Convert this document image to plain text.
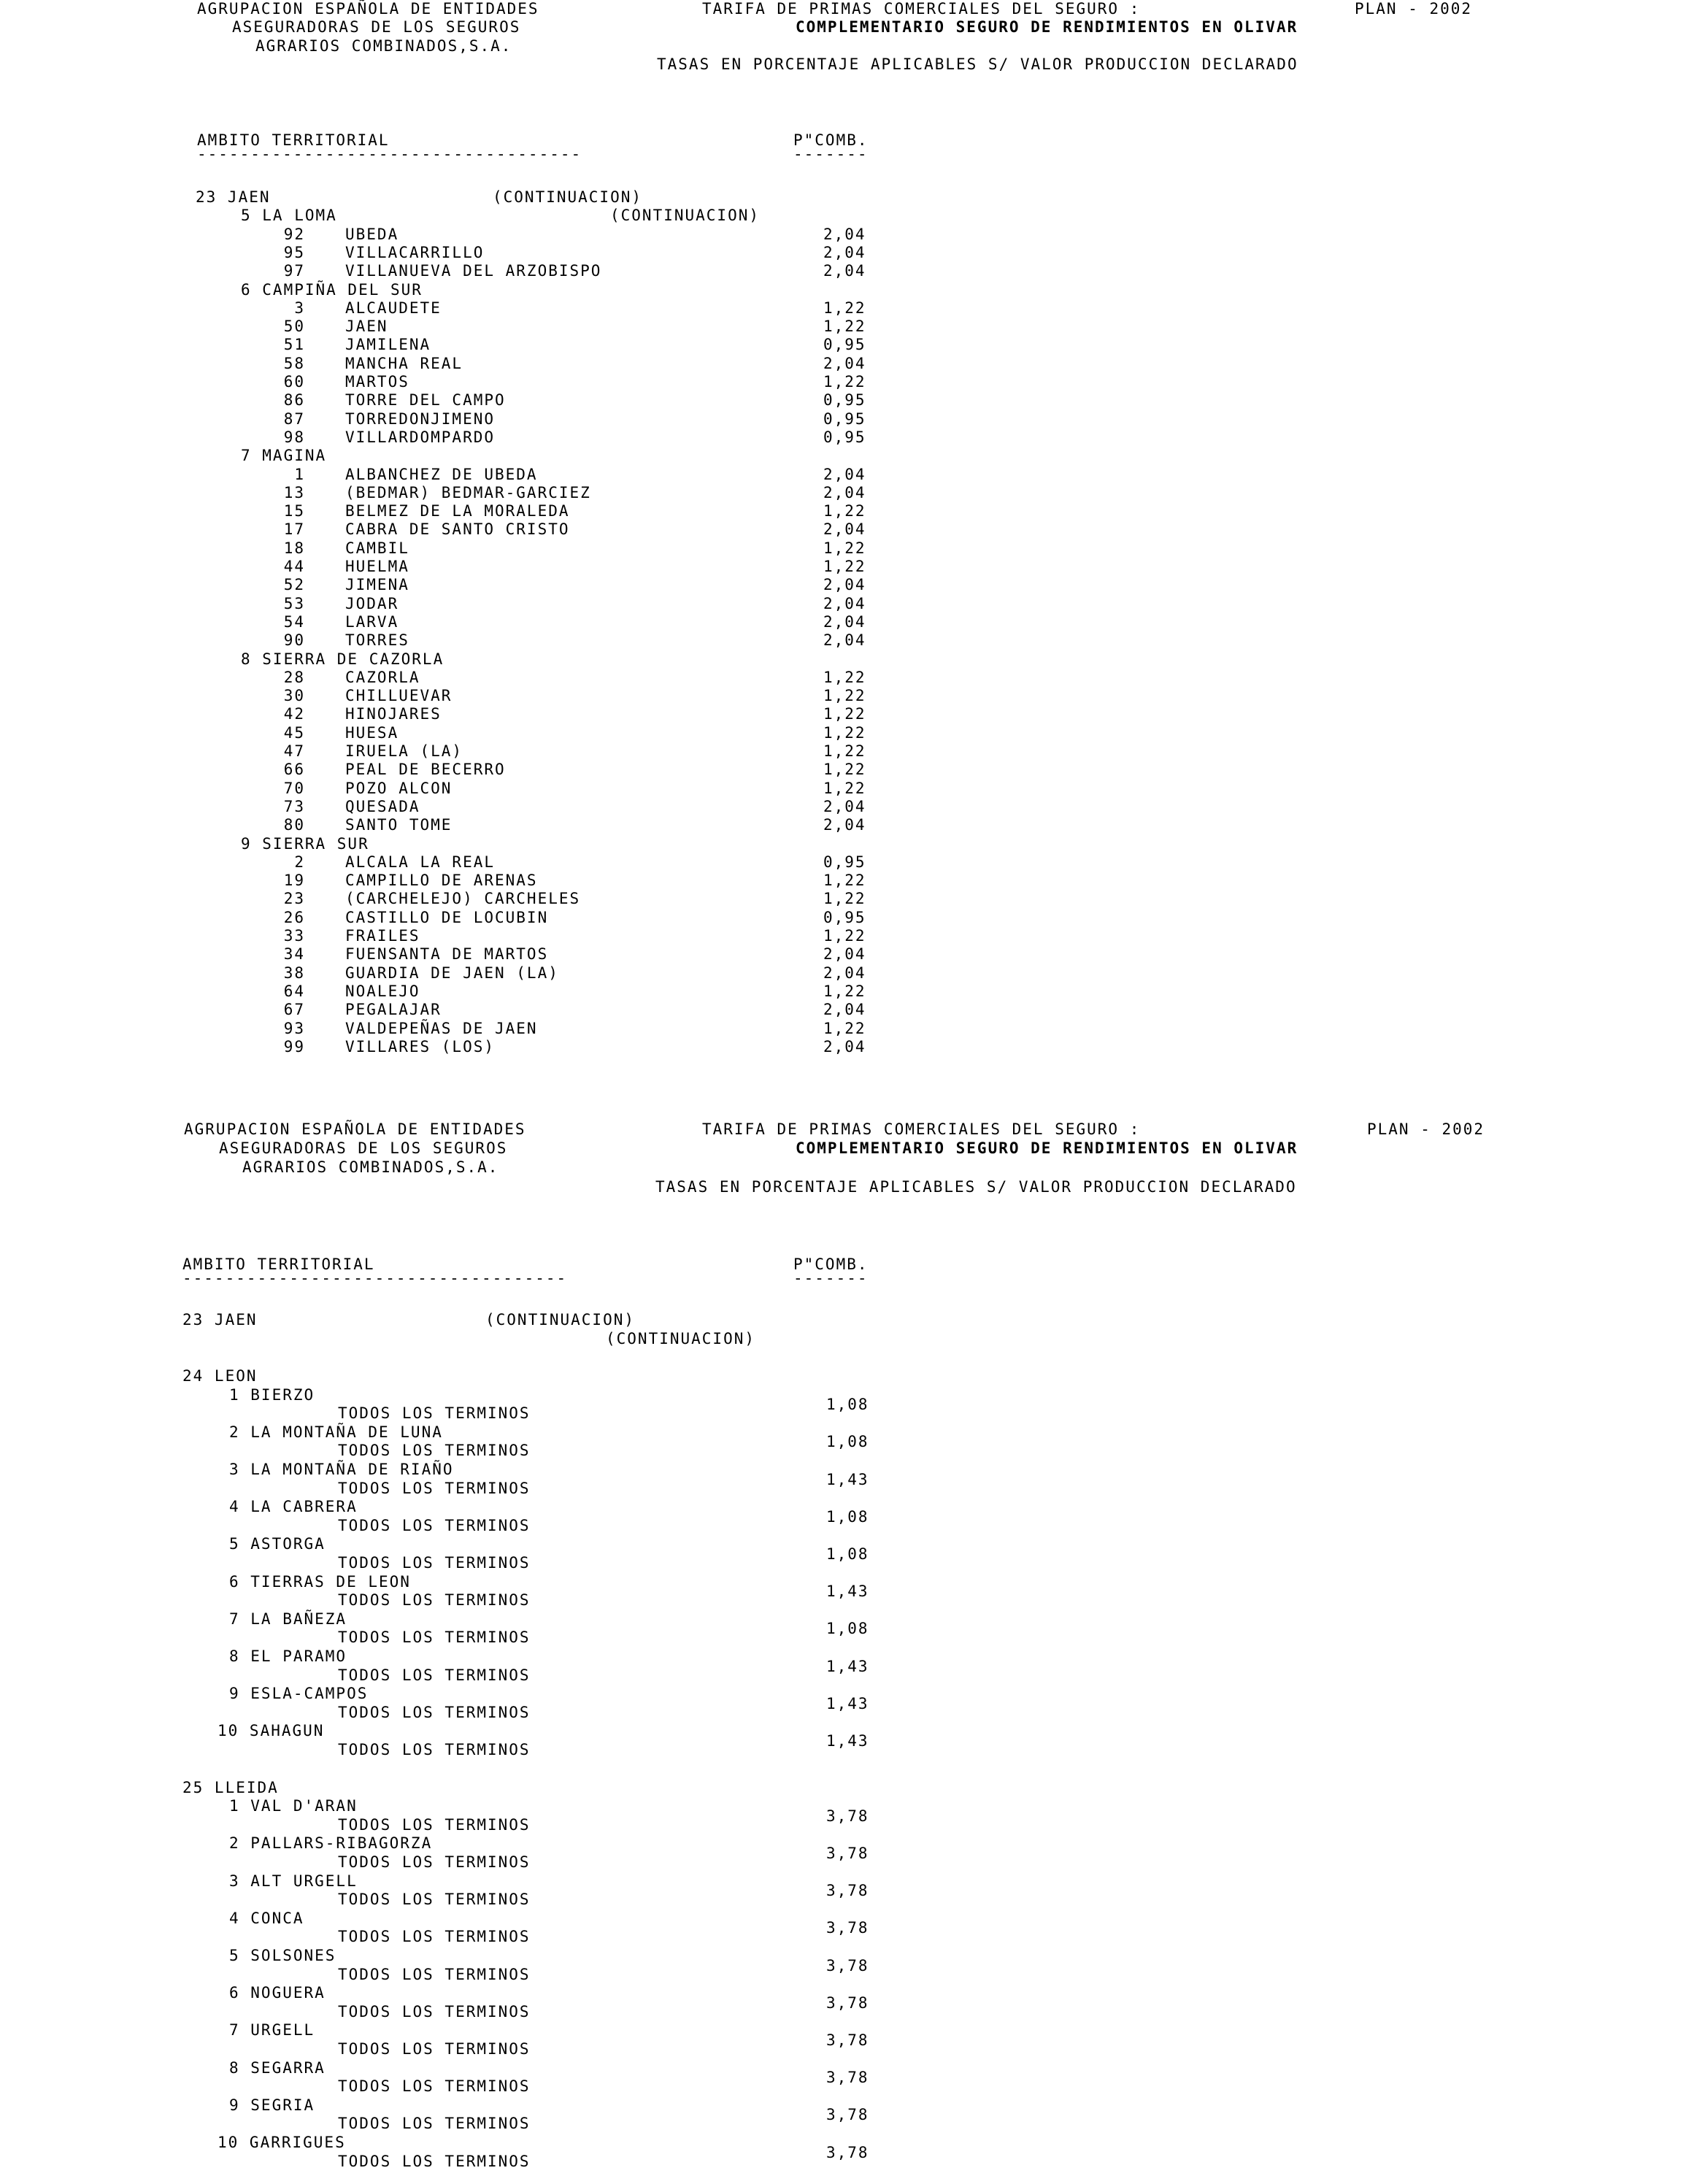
AGRUPACION ESPAÑOLA DE ENTIDADES
ASEGURADORAS DE LOS SEGUROS
AGRARIOS COMBINADOS,S.A.
TARIFA DE PRIMAS COMERCIALES DEL SEGURO :	PLAN - 2002
COMPLEMENTARIO SEGURO DE RENDIMIENTOS EN OLIVAR
TASAS EN PORCENTAJE APLICABLES S/ VALOR PRODUCCION DECLARADO
AMBITO TERRITORIAL
------------------------------------
P"COMB.
-------
23 JAEN	(CONTINUACION)
5 LA LOMA	(CONTINUACION)
92	UBEDA	2,04
95	VILLACARRILLO	2,04
97	VILLANUEVA DEL ARZOBISPO	2,04
6 CAMPIÑA DEL SUR
3	ALCAUDETE	1,22
50	JAEN	1,22
51	JAMILENA	0,95
58	MANCHA REAL	2,04
60	MARTOS	1,22
86	TORRE DEL CAMPO	0,95
87	TORREDONJIMENO	0,95
98	VILLARDOMPARDO	0,95
7 MAGINA
1	ALBANCHEZ DE UBEDA	2,04
13	(BEDMAR) BEDMAR-GARCIEZ	2,04
15	BELMEZ DE LA MORALEDA	1,22
17	CABRA DE SANTO CRISTO	2,04
18	CAMBIL	1,22
44	HUELMA	1,22
52	JIMENA	2,04
53	JODAR	2,04
54	LARVA	2,04
90	TORRES	2,04
8 SIERRA DE CAZORLA
28	CAZORLA	1,22
30	CHILLUEVAR	1,22
42	HINOJARES	1,22
45	HUESA	1,22
47	IRUELA (LA)	1,22
66	PEAL DE BECERRO	1,22
70	POZO ALCON	1,22
73	QUESADA	2,04
80	SANTO TOME	2,04
9 SIERRA SUR
2	ALCALA LA REAL	0,95
19	CAMPILLO DE ARENAS	1,22
23	(CARCHELEJO) CARCHELES	1,22
26	CASTILLO DE LOCUBIN	0,95
33	FRAILES	1,22
34	FUENSANTA DE MARTOS	2,04
38	GUARDIA DE JAEN (LA)	2,04
64	NOALEJO	1,22
67	PEGALAJAR	2,04
93	VALDEPEÑAS DE JAEN	1,22
99	VILLARES (LOS)	2,04
AGRUPACION ESPAÑOLA DE ENTIDADES
ASEGURADORAS DE LOS SEGUROS
AGRARIOS COMBINADOS,S.A.
TARIFA DE PRIMAS COMERCIALES DEL SEGURO :	PLAN - 2002
COMPLEMENTARIO SEGURO DE RENDIMIENTOS EN OLIVAR
TASAS EN PORCENTAJE APLICABLES S/ VALOR PRODUCCION DECLARADO
AMBITO TERRITORIAL
------------------------------------
P"COMB.
-------
23 JAEN	(CONTINUACION)
(CONTINUACION)
24 LEON
1 BIERZO
TODOS LOS TERMINOS	1,08
2 LA MONTAÑA DE LUNA
TODOS LOS TERMINOS	1,08
3 LA MONTAÑA DE RIAÑO
TODOS LOS TERMINOS	1,43
4 LA CABRERA
TODOS LOS TERMINOS	1,08
5 ASTORGA
TODOS LOS TERMINOS	1,08
6 TIERRAS DE LEON
TODOS LOS TERMINOS	1,43
7 LA BAÑEZA
TODOS LOS TERMINOS	1,08
8 EL PARAMO
TODOS LOS TERMINOS	1,43
9 ESLA-CAMPOS
TODOS LOS TERMINOS	1,43
10 SAHAGUN
TODOS LOS TERMINOS	1,43
25 LLEIDA
1 VAL D'ARAN
TODOS LOS TERMINOS	3,78
2 PALLARS-RIBAGORZA
TODOS LOS TERMINOS	3,78
3 ALT URGELL
TODOS LOS TERMINOS	3,78
4 CONCA
TODOS LOS TERMINOS	3,78
5 SOLSONES
TODOS LOS TERMINOS	3,78
6 NOGUERA
TODOS LOS TERMINOS	3,78
7 URGELL
TODOS LOS TERMINOS	3,78
8 SEGARRA
TODOS LOS TERMINOS	3,78
9 SEGRIA
TODOS LOS TERMINOS	3,78
10 GARRIGUES
TODOS LOS TERMINOS	3,78
